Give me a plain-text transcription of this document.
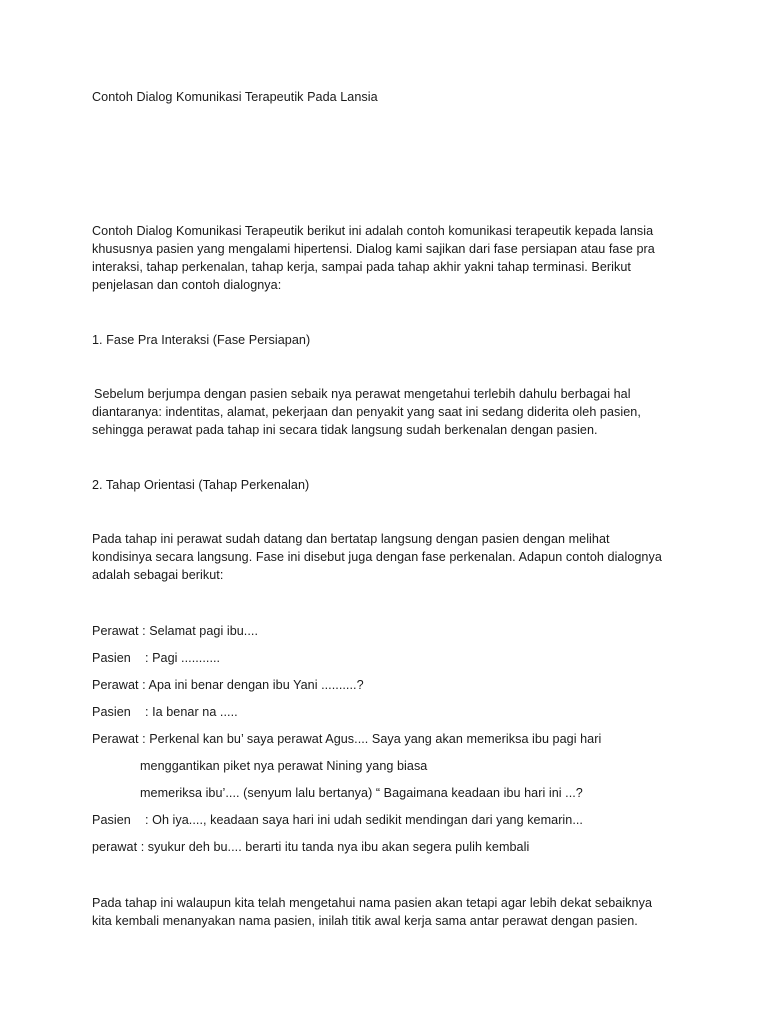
Contoh Dialog Komunikasi Terapeutik Pada Lansia
Contoh Dialog Komunikasi Terapeutik berikut ini adalah contoh komunikasi terapeutik kepada lansia
khususnya pasien yang mengalami hipertensi. Dialog kami sajikan dari fase persiapan atau fase pra
interaksi, tahap perkenalan, tahap kerja, sampai pada tahap akhir yakni tahap terminasi. Berikut
penjelasan dan contoh dialognya:
1. Fase Pra Interaksi (Fase Persiapan)
Sebelum berjumpa dengan pasien sebaik nya perawat mengetahui terlebih dahulu berbagai hal
diantaranya: indentitas, alamat, pekerjaan dan penyakit yang saat ini sedang diderita oleh pasien,
sehingga perawat pada tahap ini secara tidak langsung sudah berkenalan dengan pasien.
2. Tahap Orientasi (Tahap Perkenalan)
Pada tahap ini perawat sudah datang dan bertatap langsung dengan pasien dengan melihat
kondisinya secara langsung. Fase ini disebut juga dengan fase perkenalan. Adapun contoh dialognya
adalah sebagai berikut:
Perawat : Selamat pagi ibu....
Pasien    : Pagi ...........
Perawat : Apa ini benar dengan ibu Yani ..........?
Pasien    : Ia benar na .....
Perawat : Perkenal kan bu’ saya perawat Agus.... Saya yang akan memeriksa ibu pagi hari
menggantikan piket nya perawat Nining yang biasa
memeriksa ibu’.... (senyum lalu bertanya) “ Bagaimana keadaan ibu hari ini ...?
Pasien    : Oh iya...., keadaan saya hari ini udah sedikit mendingan dari yang kemarin...
perawat : syukur deh bu.... berarti itu tanda nya ibu akan segera pulih kembali
Pada tahap ini walaupun kita telah mengetahui nama pasien akan tetapi agar lebih dekat sebaiknya
kita kembali menanyakan nama pasien, inilah titik awal kerja sama antar perawat dengan pasien.
